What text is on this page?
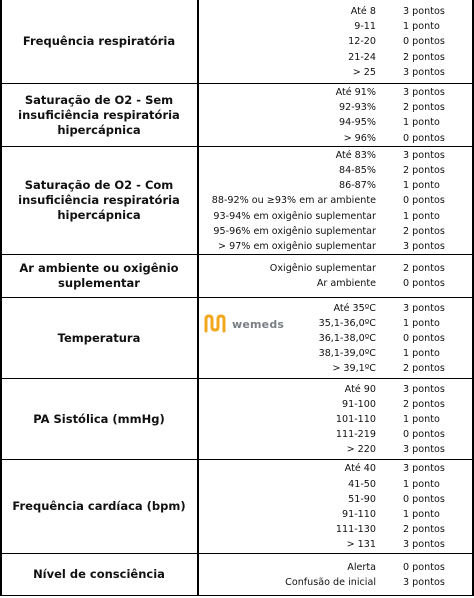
Frequência respiratória
Até 8	3 pontos
9-11	1 ponto
12-20	0 pontos
21-24	2 pontos
> 25	3 pontos
Saturação de O2 - Sem
insuficiência respiratória
hipercápnica
Até 91%	3 pontos
92-93%	2 pontos
94-95%	1 ponto
> 96%	0 pontos
Saturação de O2 - Com
insuficiência respiratória
hipercápnica
Até 83%	3 pontos
84-85%	2 pontos
86-87%	1 ponto
88-92% ou ≥93% em ar ambiente	0 pontos
93-94% em oxigênio suplementar	1 ponto
95-96% em oxigênio suplementar	2 pontos
> 97% em oxigênio suplementar	3 pontos
Ar ambiente ou oxigênio
suplementar
Oxigênio suplementar	2 pontos
Ar ambiente	0 pontos
Temperatura
Até 35ºC	3 pontos
35,1-36,0ºC	1 ponto
36,1-38,0ºC	0 pontos
38,1-39,0ºC	1 ponto
> 39,1ºC	2 pontos
PA Sistólica (mmHg)
Até 90	3 pontos
91-100	2 pontos
101-110	1 ponto
111-219	0 pontos
> 220	3 pontos
Frequência cardíaca (bpm)
Até 40	3 pontos
41-50	1 ponto
51-90	0 pontos
91-110	1 ponto
111-130	2 pontos
> 131	3 pontos
Nível de consciência	Alerta	0 pontos
Confusão de inicial	3 pontos
wemeds
